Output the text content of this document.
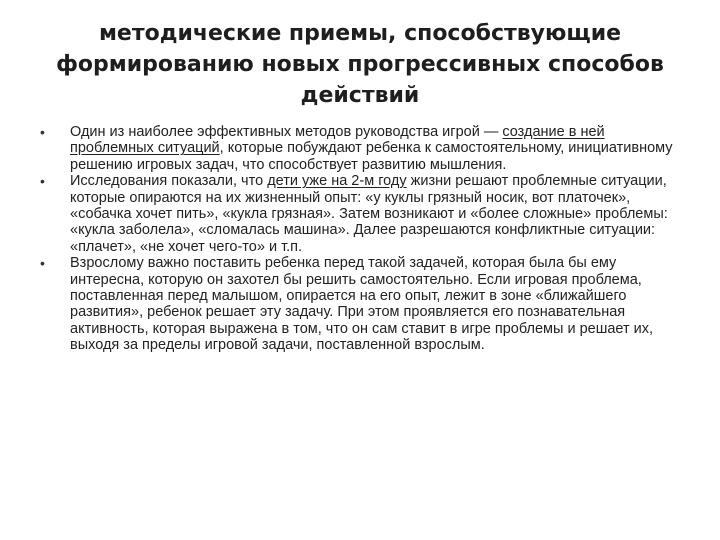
методические приемы, способствующие формированию новых прогрессивных способов действий
• Один из наиболее эффективных методов руководства игрой — создание в ней проблемных ситуаций, которые побуждают ребенка к самостоятельному, инициативному решению игровых задач, что способствует развитию мышления.
• Исследования показали, что дети уже на 2-м году жизни решают проблемные ситуации, которые опираются на их жизненный опыт: «у куклы грязный носик, вот платочек», «собачка хочет пить», «кукла грязная». Затем возникают и «более сложные» проблемы: «кукла заболела», «сломалась машина». Далее разрешаются конфликтные ситуации: «плачет», «не хочет чего-то» и т.п.
• Взрослому важно поставить ребенка перед такой задачей, которая была бы ему интересна, которую он захотел бы решить самостоятельно. Если игровая проблема, поставленная перед малышом, опирается на его опыт, лежит в зоне «ближайшего развития», ребенок решает эту задачу. При этом проявляется его познавательная активность, которая выражена в том, что он сам ставит в игре проблемы и решает их, выходя за пределы игровой задачи, поставленной взрослым.
